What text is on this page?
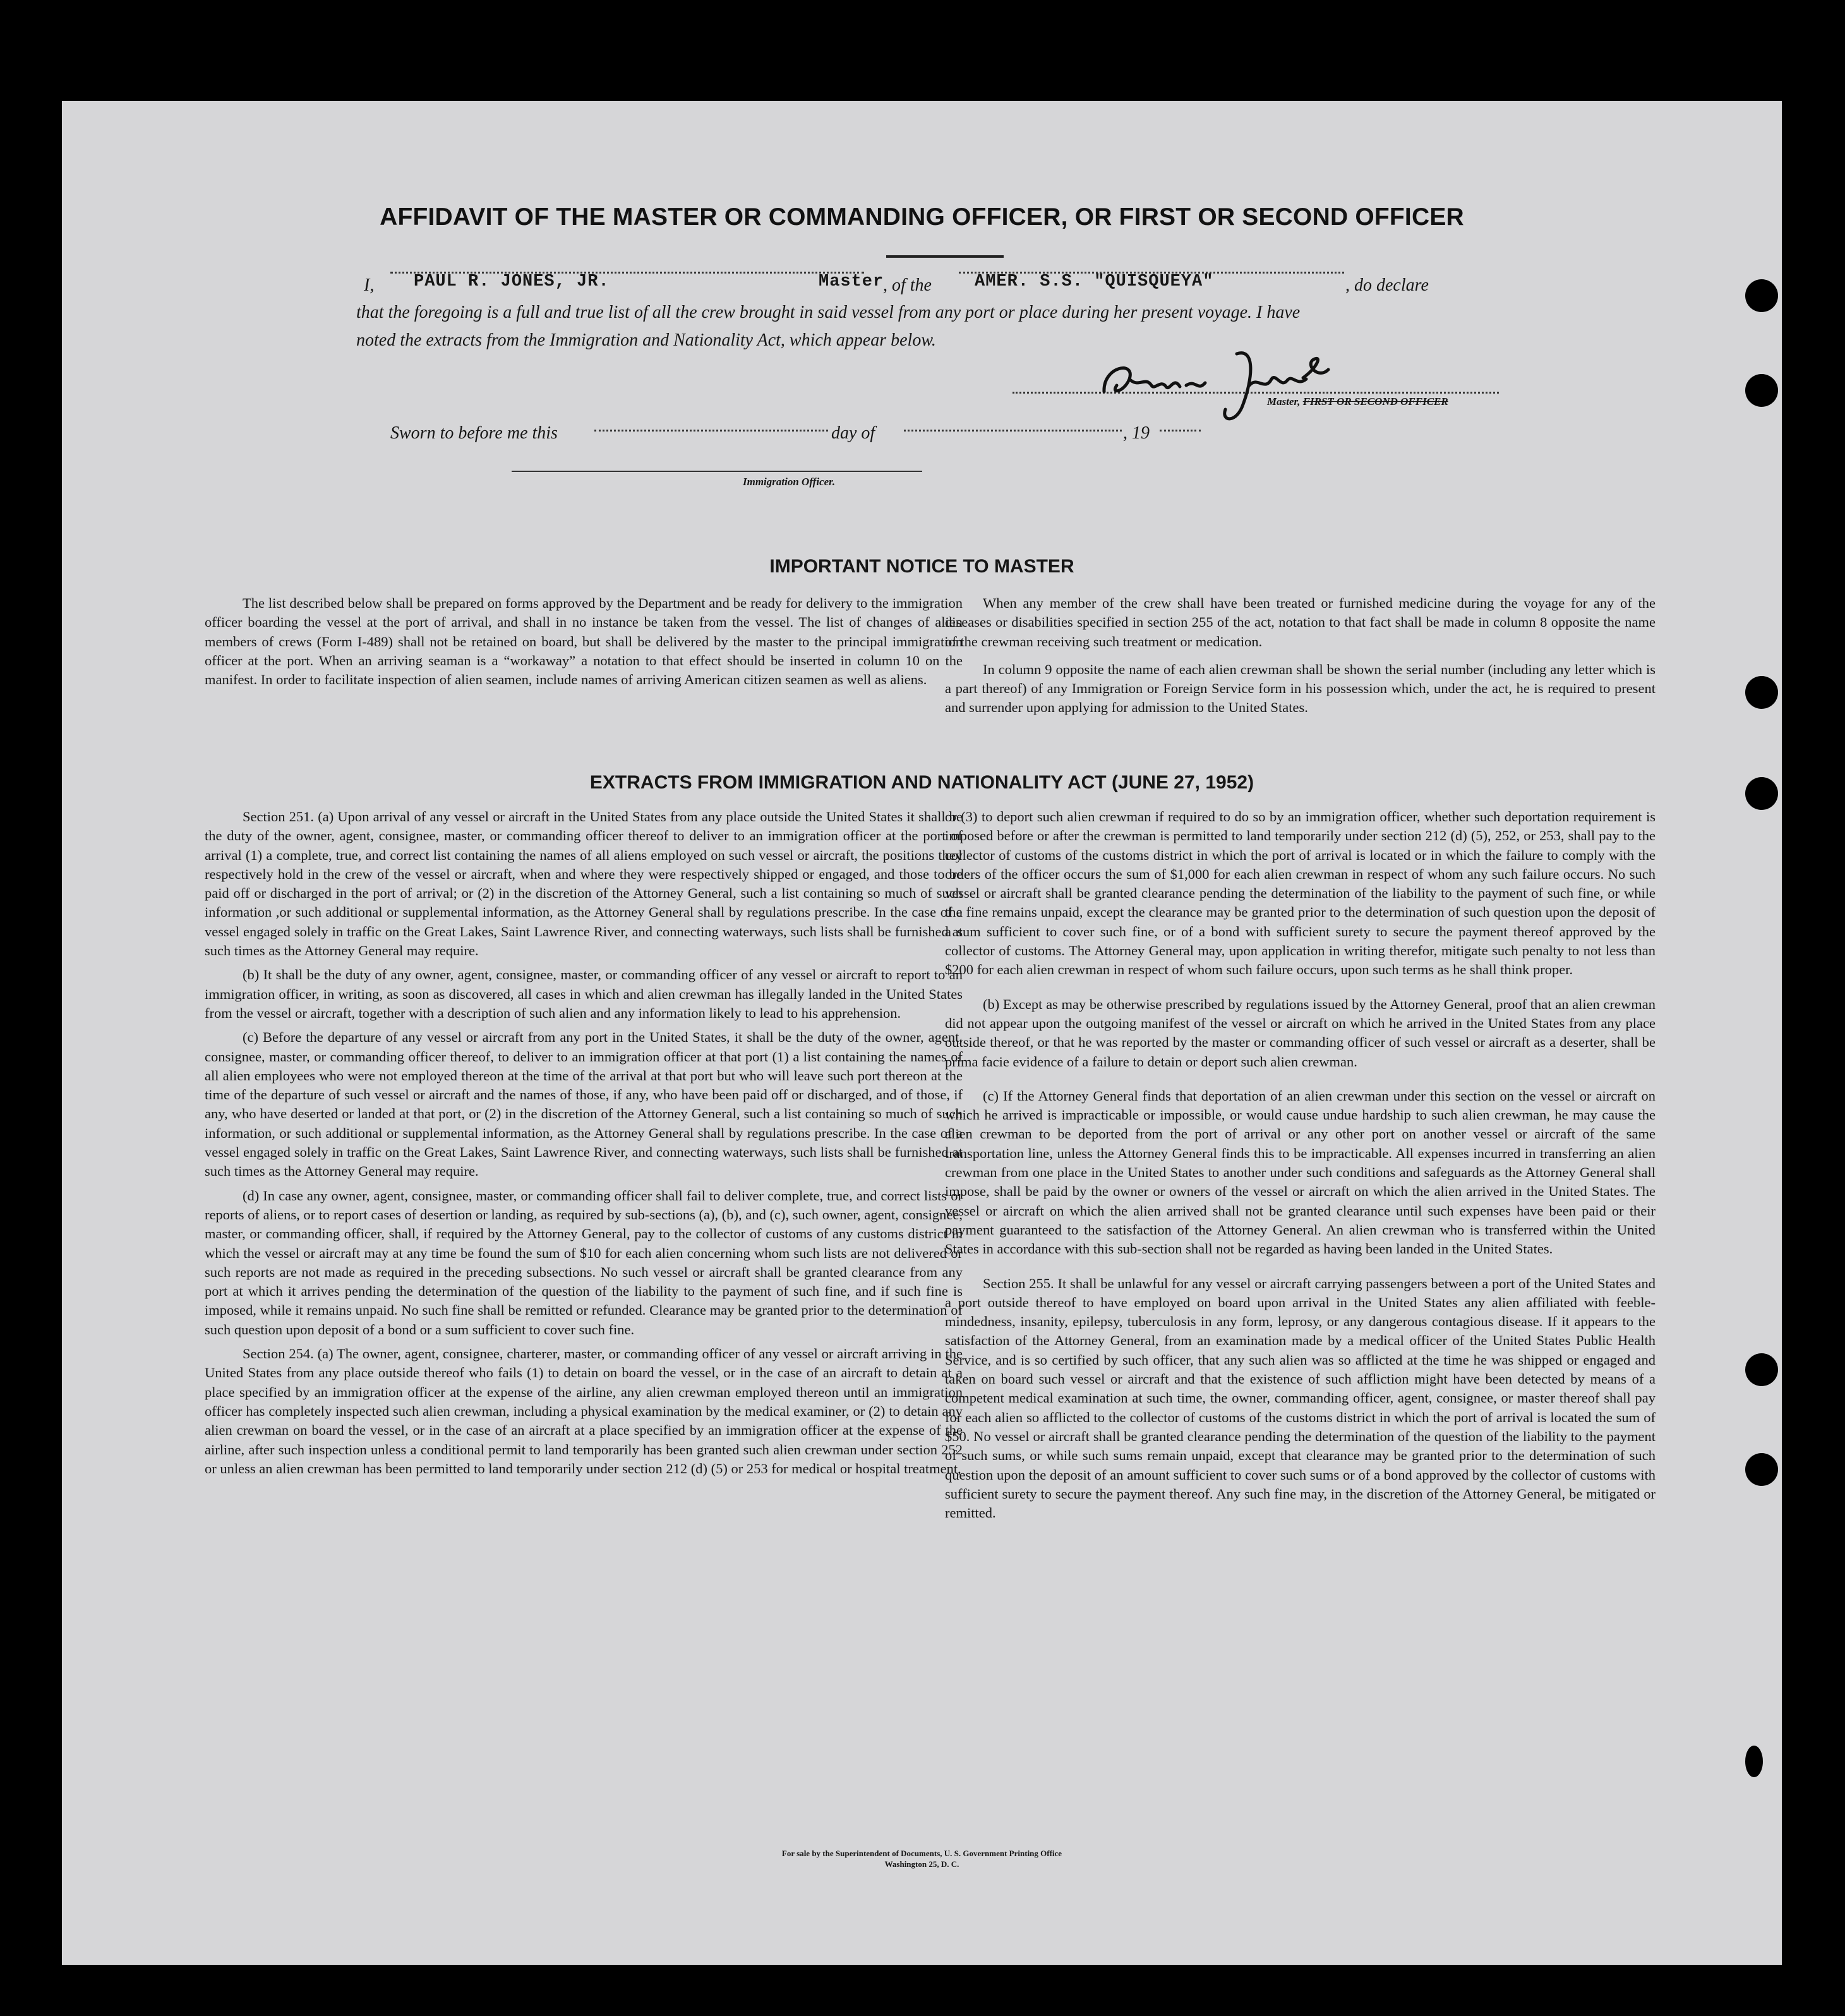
AFFIDAVIT OF THE MASTER OR COMMANDING OFFICER, OR FIRST OR SECOND OFFICER
I, PAUL R. JONES, JR.	Master
, of the	AMER. S.S. "QUISQUEYA"	, do declare
that the foregoing is a full and true list of all the crew brought in said vessel from any port or place during her present voyage. I have
noted the extracts from the Immigration and Nationality Act, which appear below.
Master, FIRST OR SECOND OFFICER
Sworn to before me this	day of	, 19
Immigration Officer.
IMPORTANT NOTICE TO MASTER

The list described below shall be prepared on forms approved by the Department and be ready for delivery to the immigration officer boarding the vessel at the port of arrival, and shall in no instance be taken from the vessel. The list of changes of alien members of crews (Form I-489) shall not be retained on board, but shall be delivered by the master to the principal immigration officer at the port. When an arriving seaman is a “workaway” a notation to that effect should be inserted in column 10 on the manifest. In order to facilitate inspection of alien seamen, include names of arriving American citizen seamen as well as aliens.

When any member of the crew shall have been treated or furnished medicine during the voyage for any of the diseases or disabilities specified in section 255 of the act, notation to that fact shall be made in column 8 opposite the name of the crewman receiving such treatment or medication.

In column 9 opposite the name of each alien crewman shall be shown the serial number (including any letter which is a part thereof) of any Immigration or Foreign Service form in his possession which, under the act, he is required to present and surrender upon applying for admission to the United States.

EXTRACTS FROM IMMIGRATION AND NATIONALITY ACT (JUNE 27, 1952)

Section 251. (a) Upon arrival of any vessel or aircraft in the United States from any place outside the United States it shall be the duty of the owner, agent, consignee, master, or commanding officer thereof to deliver to an immigration officer at the port of arrival (1) a complete, true, and correct list containing the names of all aliens employed on such vessel or aircraft, the positions they respectively hold in the crew of the vessel or aircraft, when and where they were respectively shipped or engaged, and those to be paid off or discharged in the port of arrival; or (2) in the discretion of the Attorney General, such a list containing so much of such information ,or such additional or supplemental information, as the Attorney General shall by regulations prescribe. In the case of a vessel engaged solely in traffic on the Great Lakes, Saint Lawrence River, and connecting waterways, such lists shall be furnished at such times as the Attorney General may require.

(b) It shall be the duty of any owner, agent, consignee, master, or commanding officer of any vessel or aircraft to report to an immigration officer, in writing, as soon as discovered, all cases in which and alien crewman has illegally landed in the United States from the vessel or aircraft, together with a description of such alien and any information likely to lead to his apprehension.

(c) Before the departure of any vessel or aircraft from any port in the United States, it shall be the duty of the owner, agent, consignee, master, or commanding officer thereof, to deliver to an immigration officer at that port (1) a list containing the names of all alien employees who were not employed thereon at the time of the arrival at that port but who will leave such port thereon at the time of the departure of such vessel or aircraft and the names of those, if any, who have been paid off or discharged, and of those, if any, who have deserted or landed at that port, or (2) in the discretion of the Attorney General, such a list containing so much of such information, or such additional or supplemental information, as the Attorney General shall by regulations prescribe. In the case of a vessel engaged solely in traffic on the Great Lakes, Saint Lawrence River, and connecting waterways, such lists shall be furnished at such times as the Attorney General may require.

(d) In case any owner, agent, consignee, master, or commanding officer shall fail to deliver complete, true, and correct lists or reports of aliens, or to report cases of desertion or landing, as required by sub-sections (a), (b), and (c), such owner, agent, consignee, master, or commanding officer, shall, if required by the Attorney General, pay to the collector of customs of any customs district in which the vessel or aircraft may at any time be found the sum of $10 for each alien concerning whom such lists are not delivered or such reports are not made as required in the preceding subsections. No such vessel or aircraft shall be granted clearance from any port at which it arrives pending the determination of the question of the liability to the payment of such fine, and if such fine is imposed, while it remains unpaid. No such fine shall be remitted or refunded. Clearance may be granted prior to the determination of such question upon deposit of a bond or a sum sufficient to cover such fine.

Section 254. (a) The owner, agent, consignee, charterer, master, or commanding officer of any vessel or aircraft arriving in the United States from any place outside thereof who fails (1) to detain on board the vessel, or in the case of an aircraft to detain at a place specified by an immigration officer at the expense of the airline, any alien crewman employed thereon until an immigration officer has completely inspected such alien crewman, including a physical examination by the medical examiner, or (2) to detain any alien crewman on board the vessel, or in the case of an aircraft at a place specified by an immigration officer at the expense of the airline, after such inspection unless a conditional permit to land temporarily has been granted such alien crewman under section 252 or unless an alien crewman has been permitted to land temporarily under section 212 (d) (5) or 253 for medical or hospital treatment,

or (3) to deport such alien crewman if required to do so by an immigration officer, whether such deportation requirement is imposed before or after the crewman is permitted to land temporarily under section 212 (d) (5), 252, or 253, shall pay to the collector of customs of the customs district in which the port of arrival is located or in which the failure to comply with the orders of the officer occurs the sum of $1,000 for each alien crewman in respect of whom any such failure occurs. No such vessel or aircraft shall be granted clearance pending the determination of the liability to the payment of such fine, or while the fine remains unpaid, except the clearance may be granted prior to the determination of such question upon the deposit of a sum sufficient to cover such fine, or of a bond with sufficient surety to secure the payment thereof approved by the collector of customs. The Attorney General may, upon application in writing therefor, mitigate such penalty to not less than $200 for each alien crewman in respect of whom such failure occurs, upon such terms as he shall think proper.

(b) Except as may be otherwise prescribed by regulations issued by the Attorney General, proof that an alien crewman did not appear upon the outgoing manifest of the vessel or aircraft on which he arrived in the United States from any place outside thereof, or that he was reported by the master or commanding officer of such vessel or aircraft as a deserter, shall be prima facie evidence of a failure to detain or deport such alien crewman.

(c) If the Attorney General finds that deportation of an alien crewman under this section on the vessel or aircraft on which he arrived is impracticable or impossible, or would cause undue hardship to such alien crewman, he may cause the alien crewman to be deported from the port of arrival or any other port on another vessel or aircraft of the same transportation line, unless the Attorney General finds this to be impracticable. All expenses incurred in transferring an alien crewman from one place in the United States to another under such conditions and safeguards as the Attorney General shall impose, shall be paid by the owner or owners of the vessel or aircraft on which the alien arrived in the United States. The vessel or aircraft on which the alien arrived shall not be granted clearance until such expenses have been paid or their payment guaranteed to the satisfaction of the Attorney General. An alien crewman who is transferred within the United States in accordance with this sub-section shall not be regarded as having been landed in the United States.

Section 255. It shall be unlawful for any vessel or aircraft carrying passengers between a port of the United States and a port outside thereof to have employed on board upon arrival in the United States any alien affiliated with feeble-mindedness, insanity, epilepsy, tuberculosis in any form, leprosy, or any dangerous contagious disease. If it appears to the satisfaction of the Attorney General, from an examination made by a medical officer of the United States Public Health Service, and is so certified by such officer, that any such alien was so afflicted at the time he was shipped or engaged and taken on board such vessel or aircraft and that the existence of such affliction might have been detected by means of a competent medical examination at such time, the owner, commanding officer, agent, consignee, or master thereof shall pay for each alien so afflicted to the collector of customs of the customs district in which the port of arrival is located the sum of $50. No vessel or aircraft shall be granted clearance pending the determination of the question of the liability to the payment of such sums, or while such sums remain unpaid, except that clearance may be granted prior to the determination of such question upon the deposit of an amount sufficient to cover such sums or of a bond approved by the collector of customs with sufficient surety to secure the payment thereof. Any such fine may, in the discretion of the Attorney General, be mitigated or remitted.

For sale by the Superintendent of Documents, U. S. Government Printing Office
Washington 25, D. C.
